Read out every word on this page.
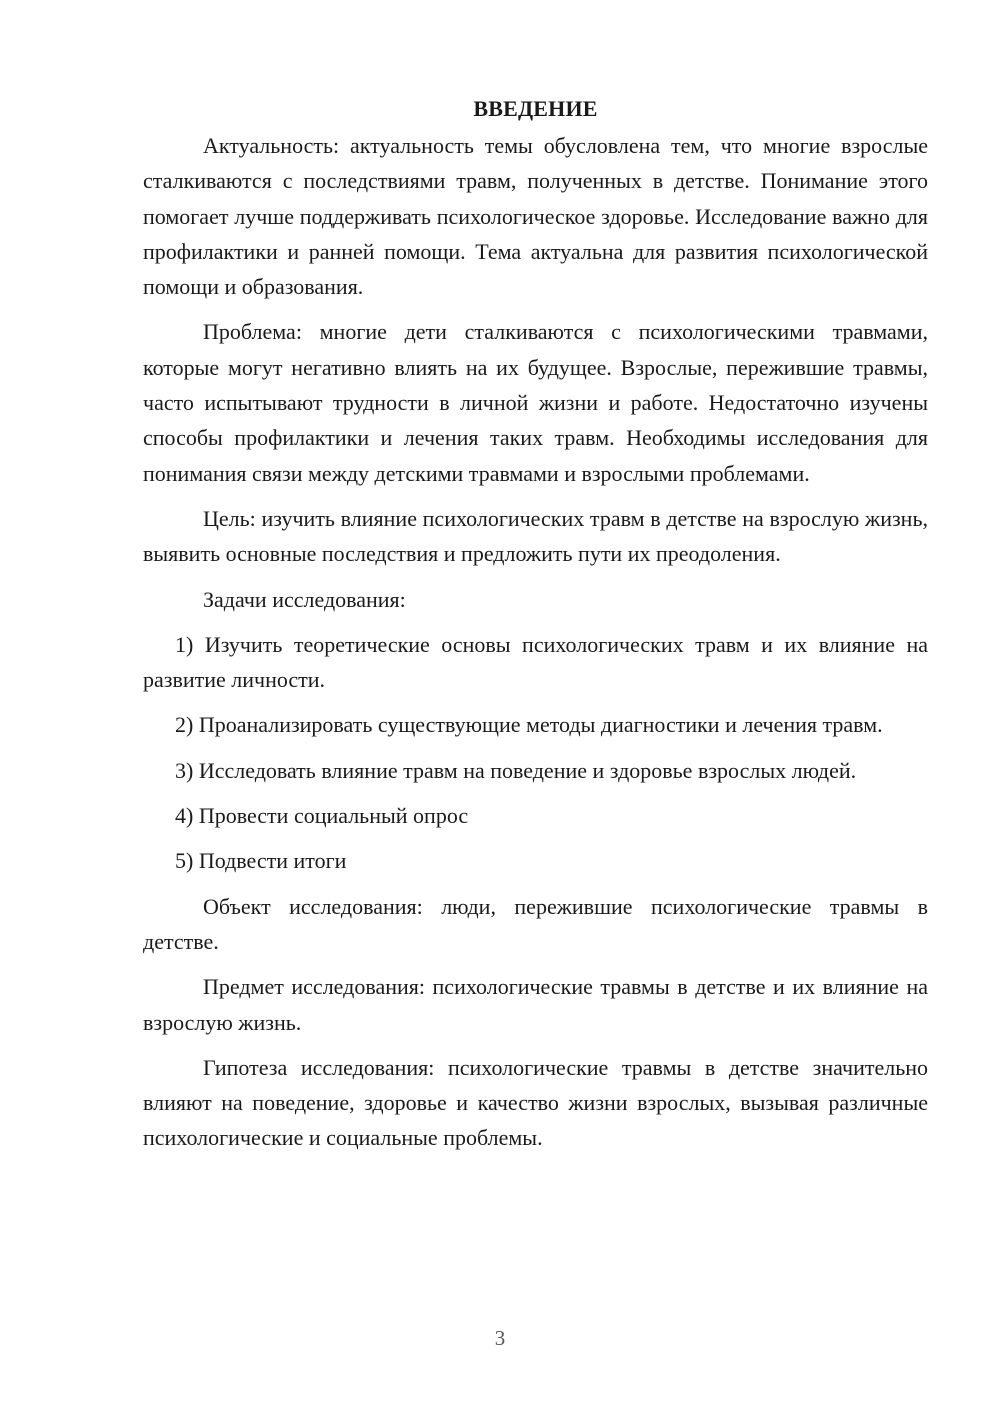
ВВЕДЕНИЕ

Актуальность: актуальность темы обусловлена тем, что многие взрослые сталкиваются с последствиями травм, полученных в детстве. Понимание этого помогает лучше поддерживать психологическое здоровье. Исследование важно для профилактики и ранней помощи. Тема актуальна для развития психологической помощи и образования.

Проблема: многие дети сталкиваются с психологическими травмами, которые могут негативно влиять на их будущее. Взрослые, пережившие травмы, часто испытывают трудности в личной жизни и работе. Недостаточно изучены способы профилактики и лечения таких травм. Необходимы исследования для понимания связи между детскими травмами и взрослыми проблемами.

Цель: изучить влияние психологических травм в детстве на взрослую жизнь, выявить основные последствия и предложить пути их преодоления.

Задачи исследования:

1) Изучить теоретические основы психологических травм и их влияние на развитие личности.

2) Проанализировать существующие методы диагностики и лечения травм.

3) Исследовать влияние травм на поведение и здоровье взрослых людей.

4) Провести социальный опрос

5) Подвести итоги

Объект исследования: люди, пережившие психологические травмы в детстве.

Предмет исследования: психологические травмы в детстве и их влияние на взрослую жизнь.

Гипотеза исследования: психологические травмы в детстве значительно влияют на поведение, здоровье и качество жизни взрослых, вызывая различные психологические и социальные проблемы.

3
